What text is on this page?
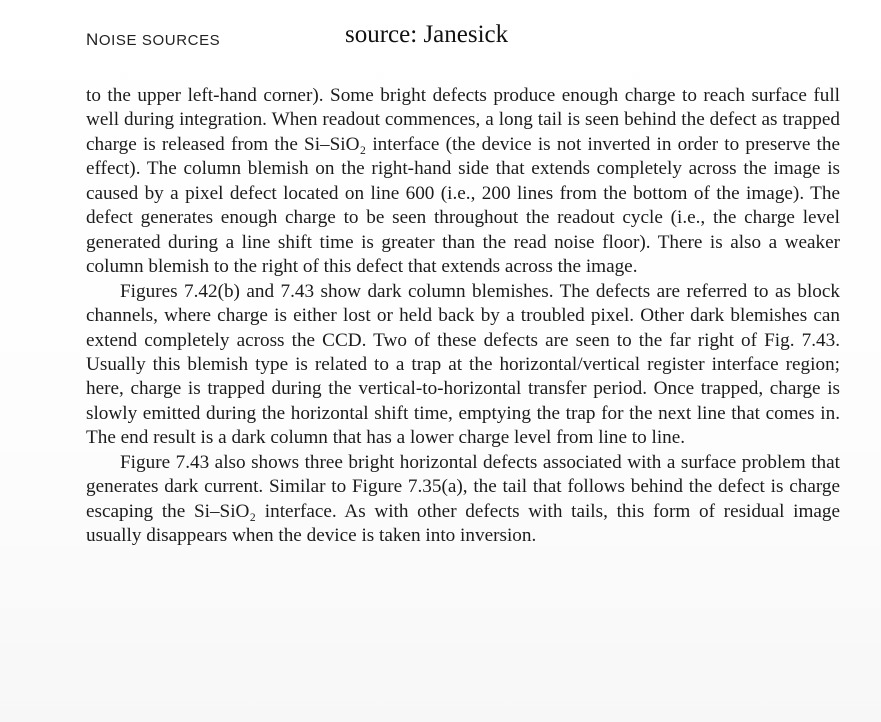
NOISE SOURCES	source: Janesick

to the upper left-hand corner). Some bright defects produce enough charge to reach surface full well during integration. When readout commences, a long tail is seen behind the defect as trapped charge is released from the Si–SiO₂ interface (the device is not inverted in order to preserve the effect). The column blemish on the right-hand side that extends completely across the image is caused by a pixel defect located on line 600 (i.e., 200 lines from the bottom of the image). The defect generates enough charge to be seen throughout the readout cycle (i.e., the charge level generated during a line shift time is greater than the read noise floor). There is also a weaker column blemish to the right of this defect that extends across the image.

Figures 7.42(b) and 7.43 show dark column blemishes. The defects are referred to as block channels, where charge is either lost or held back by a troubled pixel. Other dark blemishes can extend completely across the CCD. Two of these defects are seen to the far right of Fig. 7.43. Usually this blemish type is related to a trap at the horizontal/vertical register interface region; here, charge is trapped during the vertical-to-horizontal transfer period. Once trapped, charge is slowly emitted during the horizontal shift time, emptying the trap for the next line that comes in. The end result is a dark column that has a lower charge level from line to line.

Figure 7.43 also shows three bright horizontal defects associated with a surface problem that generates dark current. Similar to Figure 7.35(a), the tail that follows behind the defect is charge escaping the Si–SiO₂ interface. As with other defects with tails, this form of residual image usually disappears when the device is taken into inversion.
